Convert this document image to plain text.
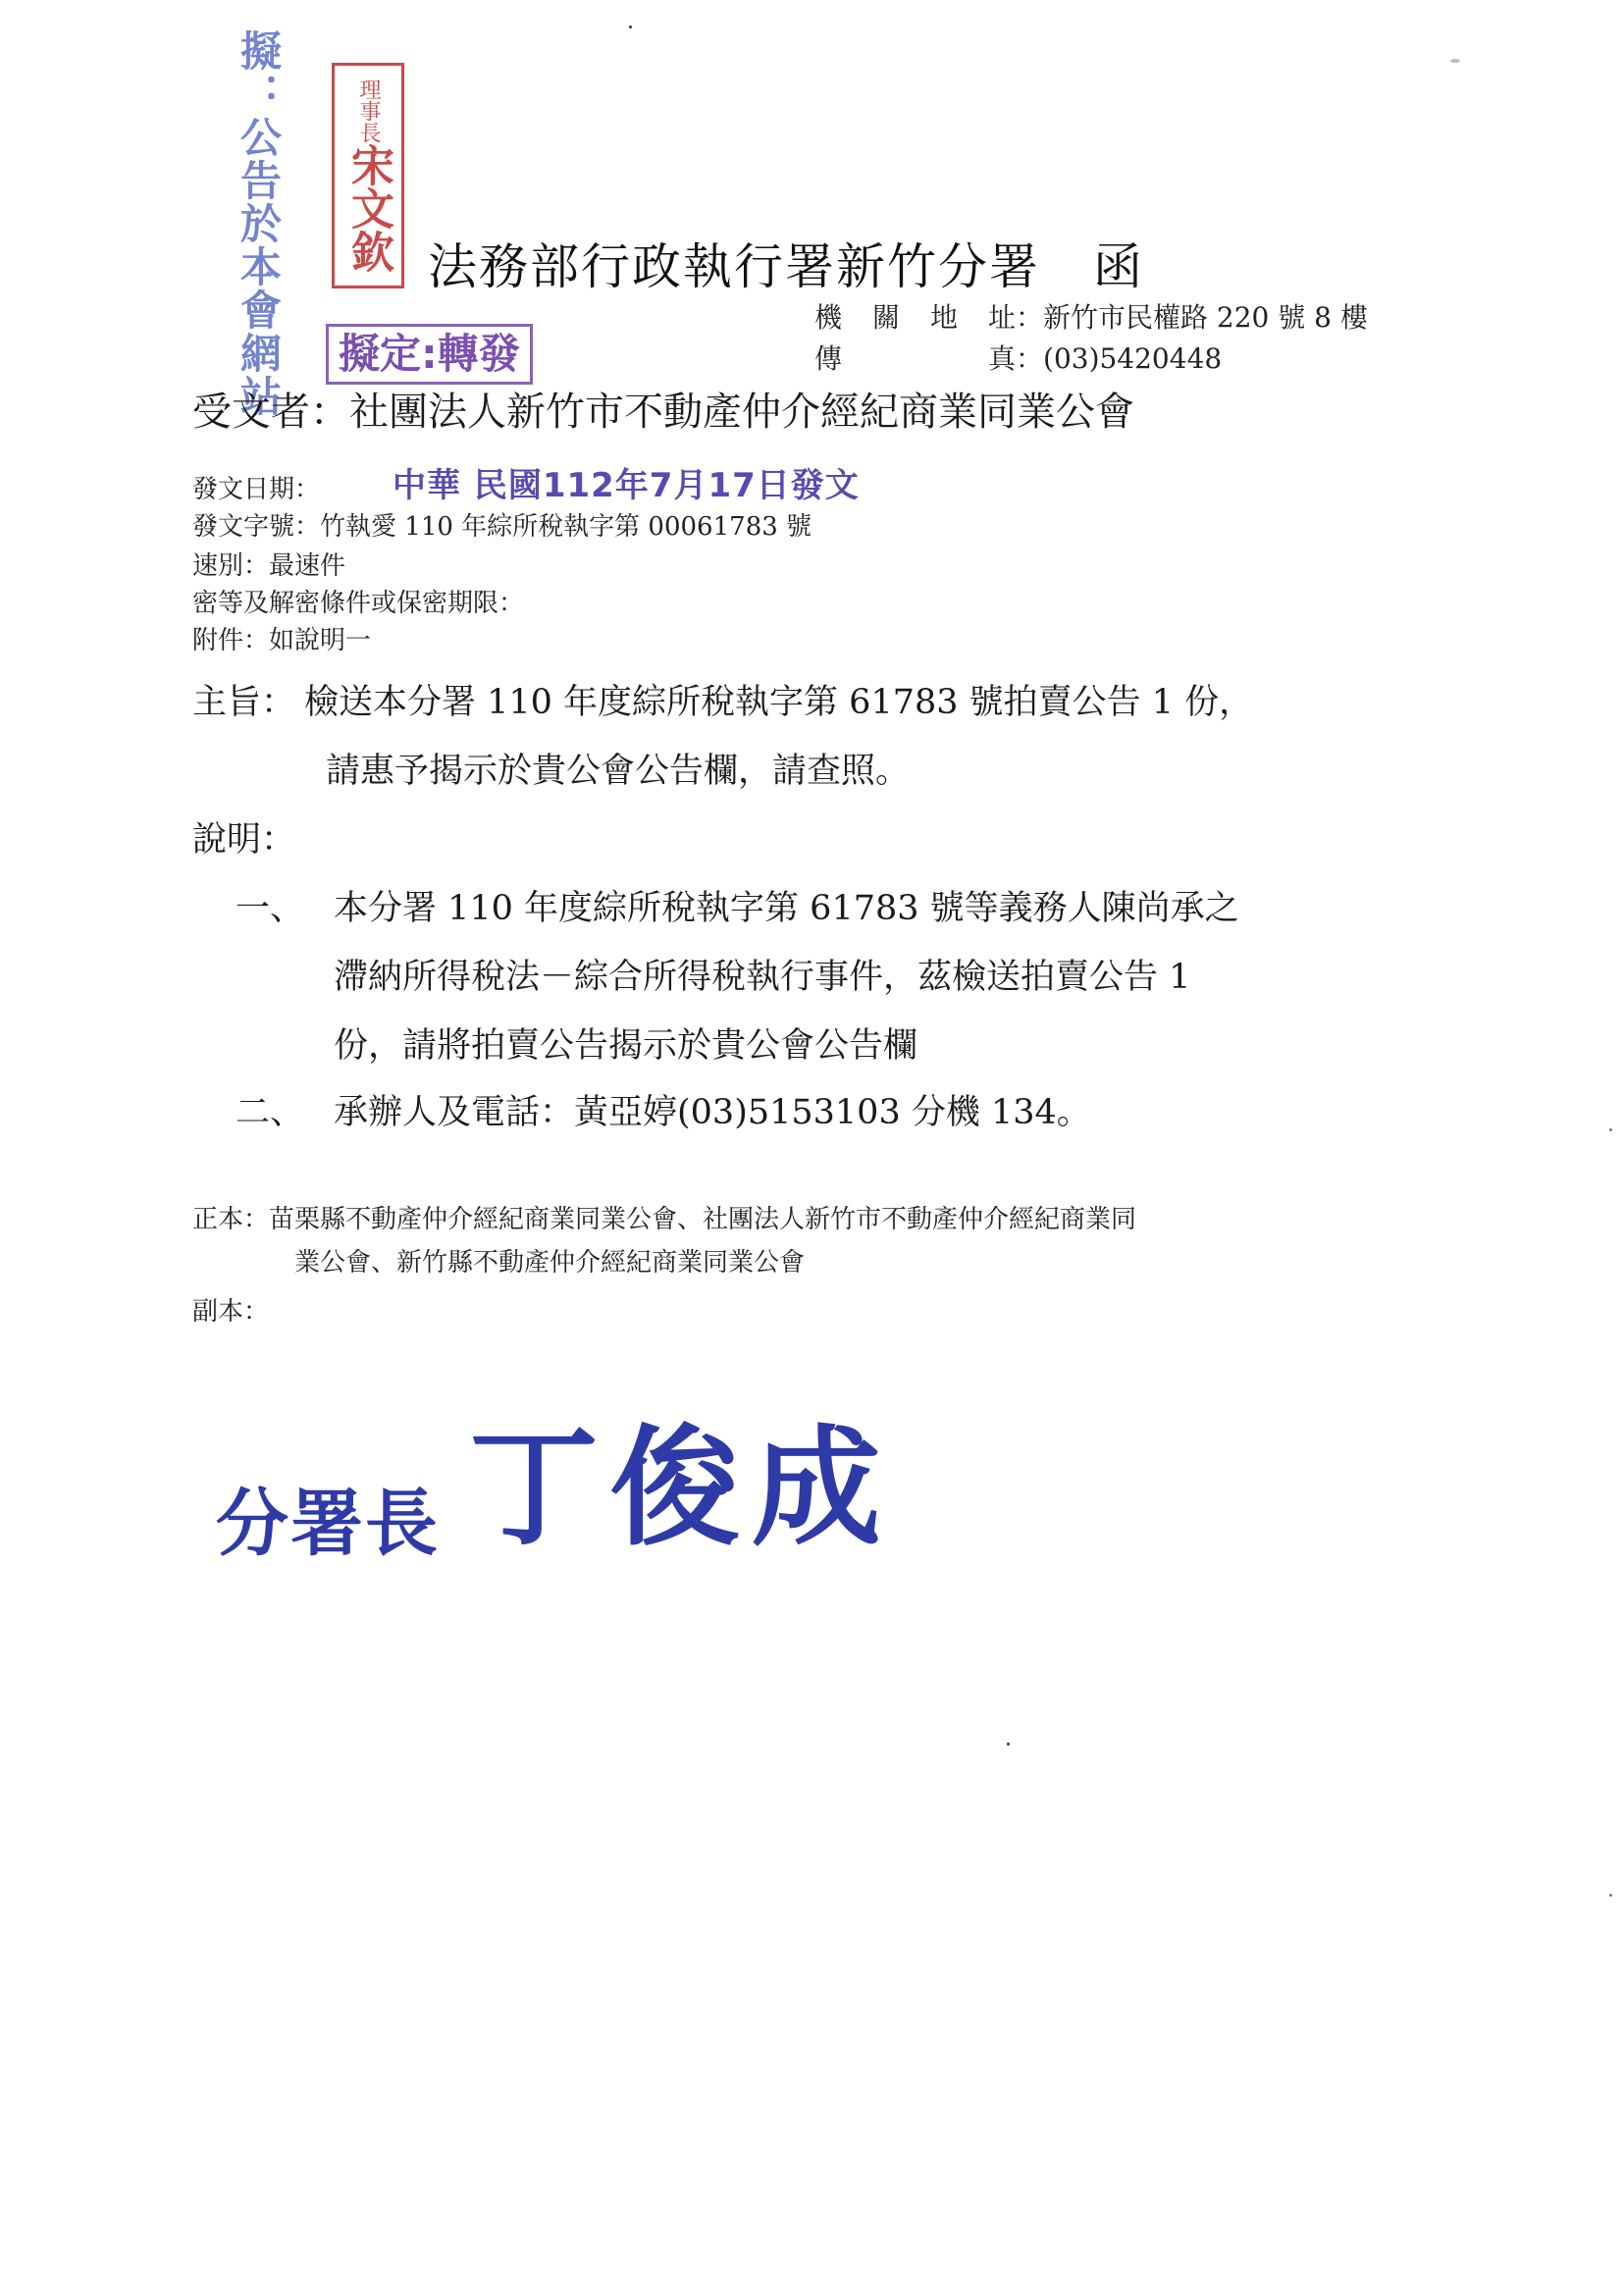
擬：公告於本會網站	理事長
宋文欽
擬定:轉發
法務部行政執行署新竹分署 函
機關地址：新竹市民權路 220 號 8 樓
傳真：(03)5420448
受文者：社團法人新竹市不動產仲介經紀商業同業公會
發文日期： 中華 民國112年7月17日發文
發文字號：竹執愛 110 年綜所稅執字第 00061783 號
速別：最速件
密等及解密條件或保密期限：
附件：如說明一
主旨： 檢送本分署 110 年度綜所稅執字第 61783 號拍賣公告 1 份，
請惠予揭示於貴公會公告欄，請查照。
說明：
一、 本分署 110 年度綜所稅執字第 61783 號等義務人陳尚承之
滯納所得稅法－綜合所得稅執行事件，茲檢送拍賣公告 1
份，請將拍賣公告揭示於貴公會公告欄
二、 承辦人及電話：黃亞婷(03)5153103 分機 134。
正本：苗栗縣不動產仲介經紀商業同業公會、社團法人新竹市不動產仲介經紀商業同
業公會、新竹縣不動產仲介經紀商業同業公會
副本：
分署長 丁俊成
